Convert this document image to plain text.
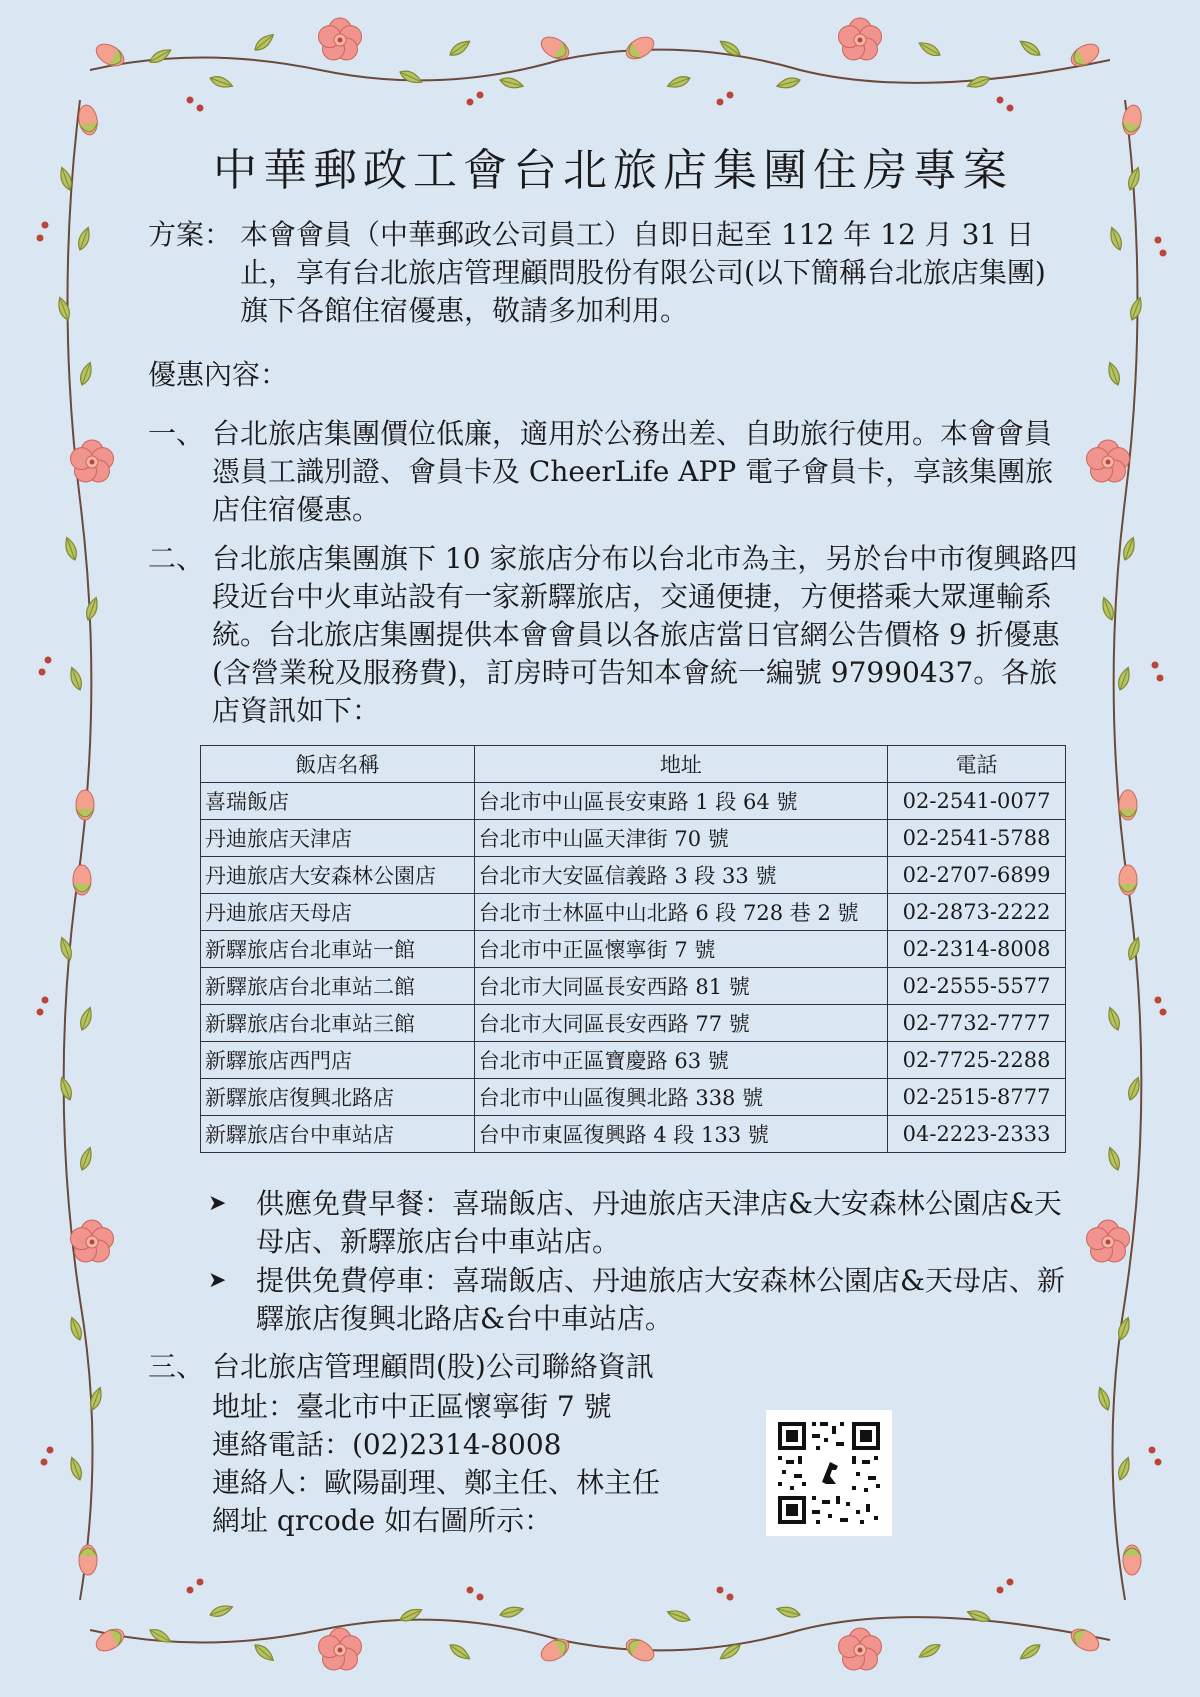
中華郵政工會台北旅店集團住房專案
方案： 本會會員（中華郵政公司員工）自即日起至 112 年 12 月 31 日止，享有台北旅店管理顧問股份有限公司(以下簡稱台北旅店集團)旗下各館住宿優惠，敬請多加利用。
優惠內容：
一、 台北旅店集團價位低廉，適用於公務出差、自助旅行使用。本會會員憑員工識別證、會員卡及 CheerLife APP 電子會員卡，享該集團旅店住宿優惠。
二、 台北旅店集團旗下 10 家旅店分布以台北市為主，另於台中市復興路四段近台中火車站設有一家新驛旅店，交通便捷，方便搭乘大眾運輸系統。台北旅店集團提供本會會員以各旅店當日官網公告價格 9 折優惠(含營業稅及服務費)，訂房時可告知本會統一編號 97990437。各旅店資訊如下：
飯店名稱	地址	電話
喜瑞飯店	台北市中山區長安東路 1 段 64 號	02-2541-0077
丹迪旅店天津店	台北市中山區天津街 70 號	02-2541-5788
丹迪旅店大安森林公園店	台北市大安區信義路 3 段 33 號	02-2707-6899
丹迪旅店天母店	台北市士林區中山北路 6 段 728 巷 2 號	02-2873-2222
新驛旅店台北車站一館	台北市中正區懷寧街 7 號	02-2314-8008
新驛旅店台北車站二館	台北市大同區長安西路 81 號	02-2555-5577
新驛旅店台北車站三館	台北市大同區長安西路 77 號	02-7732-7777
新驛旅店西門店	台北市中正區寶慶路 63 號	02-7725-2288
新驛旅店復興北路店	台北市中山區復興北路 338 號	02-2515-8777
新驛旅店台中車站店	台中市東區復興路 4 段 133 號	04-2223-2333
➤ 供應免費早餐：喜瑞飯店、丹迪旅店天津店&大安森林公園店&天母店、新驛旅店台中車站店。
➤ 提供免費停車：喜瑞飯店、丹迪旅店大安森林公園店&天母店、新驛旅店復興北路店&台中車站店。
三、 台北旅店管理顧問(股)公司聯絡資訊
地址：臺北市中正區懷寧街 7 號
連絡電話：(02)2314-8008
連絡人：歐陽副理、鄭主任、林主任
網址 qrcode 如右圖所示：
